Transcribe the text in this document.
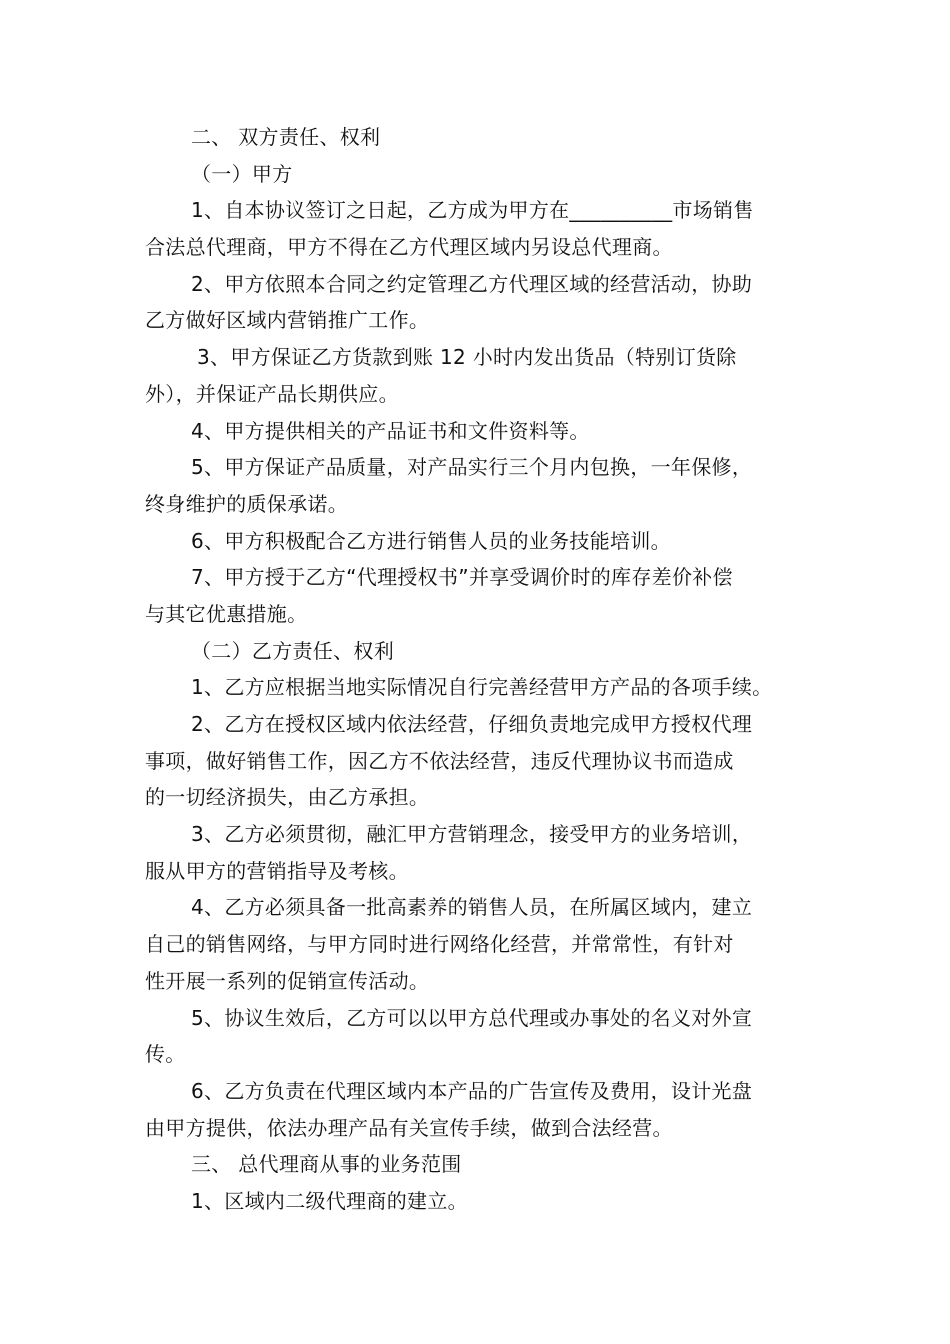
二、 双方责任、权利
（一）甲方
1、自本协议签订之日起，乙方成为甲方在__________市场销售
合法总代理商，甲方不得在乙方代理区域内另设总代理商。
2、甲方依照本合同之约定管理乙方代理区域的经营活动，协助
乙方做好区域内营销推广工作。
3、甲方保证乙方货款到账 12 小时内发出货品（特别订货除
外），并保证产品长期供应。
4、甲方提供相关的产品证书和文件资料等。
5、甲方保证产品质量，对产品实行三个月内包换，一年保修，
终身维护的质保承诺。
6、甲方积极配合乙方进行销售人员的业务技能培训。
7、甲方授于乙方“代理授权书”并享受调价时的库存差价补偿
与其它优惠措施。
（二）乙方责任、权利
1、乙方应根据当地实际情况自行完善经营甲方产品的各项手续。
2、乙方在授权区域内依法经营，仔细负责地完成甲方授权代理
事项，做好销售工作，因乙方不依法经营，违反代理协议书而造成
的一切经济损失，由乙方承担。
3、乙方必须贯彻，融汇甲方营销理念，接受甲方的业务培训，
服从甲方的营销指导及考核。
4、乙方必须具备一批高素养的销售人员，在所属区域内，建立
自己的销售网络，与甲方同时进行网络化经营，并常常性，有针对
性开展一系列的促销宣传活动。
5、协议生效后，乙方可以以甲方总代理或办事处的名义对外宣
传。
6、乙方负责在代理区域内本产品的广告宣传及费用，设计光盘
由甲方提供，依法办理产品有关宣传手续，做到合法经营。
三、 总代理商从事的业务范围
1、区域内二级代理商的建立。
